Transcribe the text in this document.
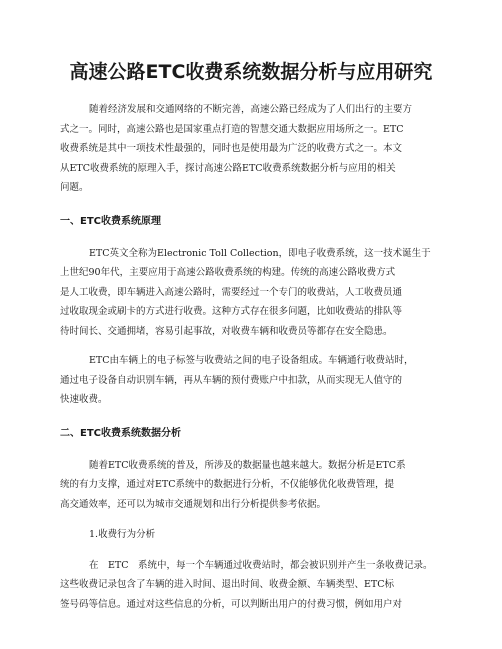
高速公路ETC收费系统数据分析与应用研究
随着经济发展和交通网络的不断完善，高速公路已经成为了人们出行的主要方
式之一。同时，高速公路也是国家重点打造的智慧交通大数据应用场所之一。ETC
收费系统是其中一项技术性最强的，同时也是使用最为广泛的收费方式之一。本文
从ETC收费系统的原理入手，探讨高速公路ETC收费系统数据分析与应用的相关
问题。
一、ETC收费系统原理
ETC英文全称为Electronic Toll Collection，即电子收费系统，这一技术诞生于
上世纪90年代，主要应用于高速公路收费系统的构建。传统的高速公路收费方式
是人工收费，即车辆进入高速公路时，需要经过一个专门的收费站，人工收费员通
过收取现金或刷卡的方式进行收费。这种方式存在很多问题，比如收费站的排队等
待时间长、交通拥堵，容易引起事故，对收费车辆和收费员等都存在安全隐患。
ETC由车辆上的电子标签与收费站之间的电子设备组成。车辆通行收费站时，
通过电子设备自动识别车辆，再从车辆的预付费账户中扣款，从而实现无人值守的
快速收费。
二、ETC收费系统数据分析
随着ETC收费系统的普及，所涉及的数据量也越来越大。数据分析是ETC系
统的有力支撑，通过对ETC系统中的数据进行分析，不仅能够优化收费管理，提
高交通效率，还可以为城市交通规划和出行分析提供参考依据。
1.收费行为分析
在　ETC　系统中，每一个车辆通过收费站时，都会被识别并产生一条收费记录。
这些收费记录包含了车辆的进入时间、退出时间、收费金额、车辆类型、ETC标
签号码等信息。通过对这些信息的分析，可以判断出用户的付费习惯，例如用户对
